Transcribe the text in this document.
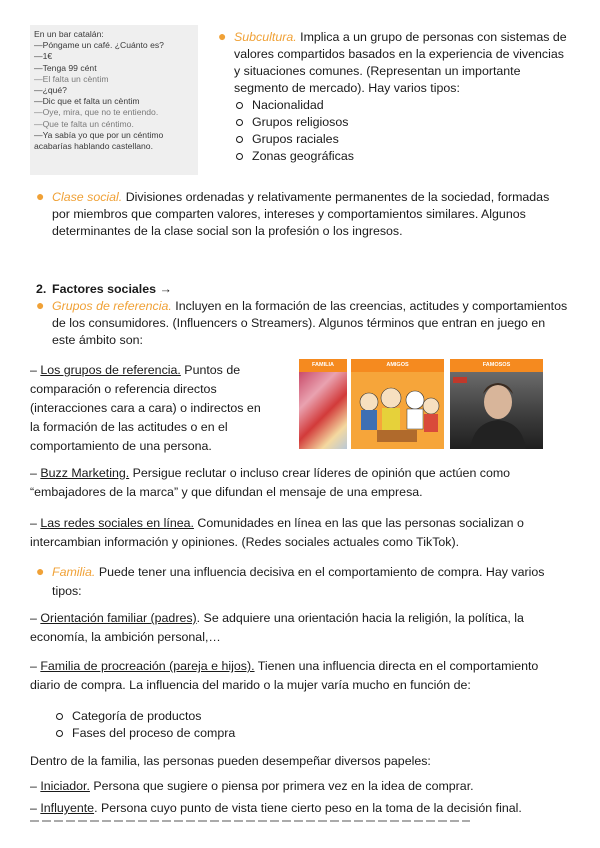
En un bar catalán:
—Póngame un café. ¿Cuánto es?
—1€
—Tenga 99 cént
—El falta un cèntim
—¿qué?
—Dic que et falta un cèntim
—Oye, mira, que no te entiendo.
—Que te falta un céntimo.
—Ya sabía yo que por un céntimo
acabarías hablando castellano.
● Subcultura. Implica a un grupo de personas con sistemas de
valores compartidos basados en la experiencia de vivencias
y situaciones comunes. (Representan un importante
segmento de mercado). Hay varios tipos:
Nacionalidad
Grupos religiosos
Grupos raciales
Zonas geográficas
● Clase social. Divisiones ordenadas y relativamente permanentes de la sociedad, formadas
por miembros que comparten valores, intereses y comportamientos similares. Algunos
determinantes de la clase social son la profesión o los ingresos.
2. Factores sociales →
● Grupos de referencia. Incluyen en la formación de las creencias, actitudes y comportamientos
de los consumidores. (Influencers o Streamers). Algunos términos que entran en juego en
este ámbito son:
– Los grupos de referencia. Puntos de
comparación o referencia directos
(interacciones cara a cara) o indirectos en
la formación de las actitudes o en el
comportamiento de una persona.
FAMILIA	AMIGOS	FAMOSOS
– Buzz Marketing. Persigue reclutar o incluso crear líderes de opinión que actúen como
“embajadores de la marca” y que difundan el mensaje de una empresa.
– Las redes sociales en línea. Comunidades en línea en las que las personas socializan o
intercambian información y opiniones. (Redes sociales actuales como TikTok).
● Familia. Puede tener una influencia decisiva en el comportamiento de compra. Hay varios
tipos:
– Orientación familiar (padres). Se adquiere una orientación hacia la religión, la política, la
economía, la ambición personal,…
– Familia de procreación (pareja e hijos). Tienen una influencia directa en el comportamiento
diario de compra. La influencia del marido o la mujer varía mucho en función de:
Categoría de productos
Fases del proceso de compra
Dentro de la familia, las personas pueden desempeñar diversos papeles:
– Iniciador. Persona que sugiere o piensa por primera vez en la idea de comprar.
– Influyente. Persona cuyo punto de vista tiene cierto peso en la toma de la decisión final.
